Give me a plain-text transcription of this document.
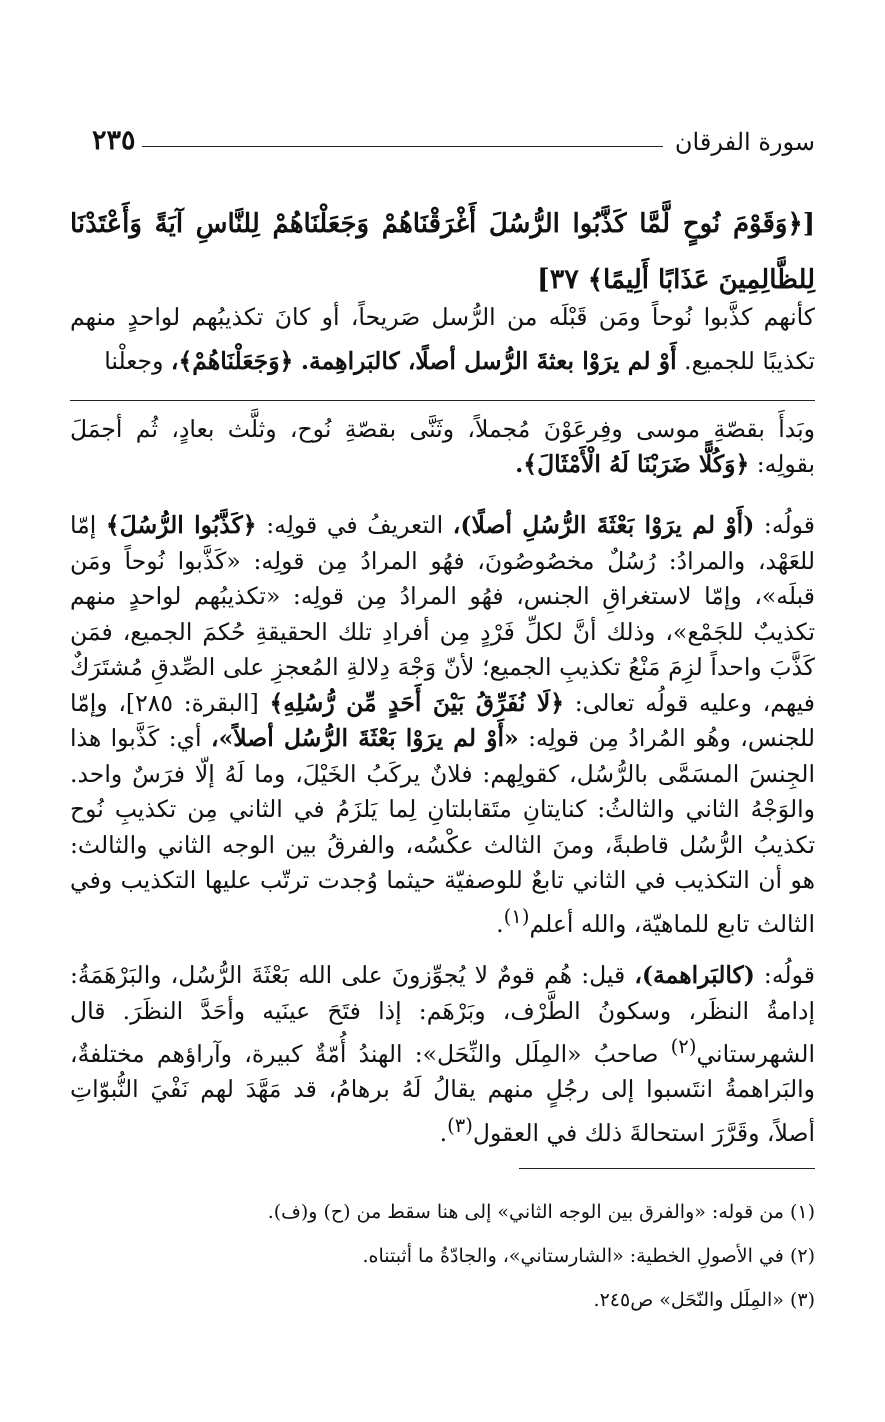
سورة الفرقان
٢٣٥

[﴿وَقَوْمَ نُوحٍ لَّمَّا كَذَّبُوا الرُّسُلَ أَغْرَقْنَاهُمْ وَجَعَلْنَاهُمْ لِلنَّاسِ آيَةً وَأَعْتَدْنَا لِلظَّالِمِينَ عَذَابًا أَلِيمًا﴾ ٣٧]

كأنهم كذَّبوا نُوحاً ومَن قَبْلَه من الرُّسل صَريحاً، أو كانَ تكذيبُهم لواحدٍ منهم تكذيبًا للجميع. أَوْ لم يرَوْا بعثةَ الرُّسل أصلًا، كالبَراهِمة. ﴿وَجَعَلْنَاهُمْ﴾، وجعلْنا

وبَدأَ بقصّةِ موسى وفِرعَوْنَ مُجملاً، وثَنَّى بقصّةِ نُوح، وثلَّث بعادٍ، ثُم أجمَلَ بقولِه: ﴿وَكُلًّا ضَرَبْنَا لَهُ الْأَمْثَالَ﴾.

قولُه: (أَوْ لم يرَوْا بَعْثَةَ الرُّسُلِ أصلًا)، التعريفُ في قولِه: ﴿كَذَّبُوا الرُّسُلَ﴾ إمّا للعَهْد، والمرادُ: رُسُلٌ مخصُوصُونَ، فهُو المرادُ مِن قولِه: «كَذَّبوا نُوحاً ومَن قبلَه»، وإمّا لاستغراقِ الجنس، فهُو المرادُ مِن قولِه: «تكذيبُهم لواحدٍ منهم تكذيبٌ للجَمْع»، وذلك أنَّ لكلِّ فَرْدٍ مِن أفرادِ تلك الحقيقةِ حُكمَ الجميع، فمَن كَذَّبَ واحداً لزِمَ مَنْعُ تكذيبِ الجميع؛ لأنّ وَجْهَ دِلالةِ المُعجزِ على الصِّدقِ مُشتَرَكٌ فيهم، وعليه قولُه تعالى: ﴿لَا نُفَرِّقُ بَيْنَ أَحَدٍ مِّن رُّسُلِهِ﴾ [البقرة: ٢٨٥]، وإمّا للجنس، وهُو المُرادُ مِن قولِه: «أَوْ لم يرَوْا بَعْثَةَ الرُّسُل أصلاً»، أي: كَذَّبوا هذا الجِنسَ المسَمَّى بالرُّسُل، كقولِهم: فلانٌ يركَبُ الخَيْلَ، وما لَهُ إلّا فرَسٌ واحد. والوَجْهُ الثاني والثالثُ: كنايتانِ متَقابلتانِ لِما يَلزَمُ في الثاني مِن تكذيبِ نُوح تكذيبُ الرُّسُل قاطبةً، ومنَ الثالث عكْسُه، والفرقُ بين الوجه الثاني والثالث: هو أن التكذيب في الثاني تابعٌ للوصفيّة حيثما وُجدت ترتّب عليها التكذيب وفي الثالث تابع للماهيّة، والله أعلم$^{(١)}$.

قولُه: (كالبَراهمة)، قيل: هُم قومٌ لا يُجوِّزونَ على الله بَعْثَةَ الرُّسُل، والبَرْهَمَةُ: إدامةُ النظَر، وسكونُ الطَّرْف، وبَرْهَم: إذا فتَحَ عينَيه وأحَدَّ النظَرَ. قال الشهرستاني$^{(٢)}$ صاحبُ «المِلَل والنِّحَل»: الهندُ أُمّةٌ كبيرة، وآراؤهم مختلفةٌ، والبَراهمةُ انتَسبوا إلى رجُلٍ منهم يقالُ لَهُ برهامُ، قد مَهَّدَ لهم نَفْيَ النُّبوّاتِ أصلاً، وقَرَّرَ استحالةَ ذلك في العقول$^{(٣)}$.

(١) من قوله: «والفرق بين الوجه الثاني» إلى هنا سقط من (ح) و(ف).
(٢) في الأصولِ الخطية: «الشارستاني»، والجادّةُ ما أثبتناه.
(٣) «المِلَل والنّحَل» ص٢٤٥.
